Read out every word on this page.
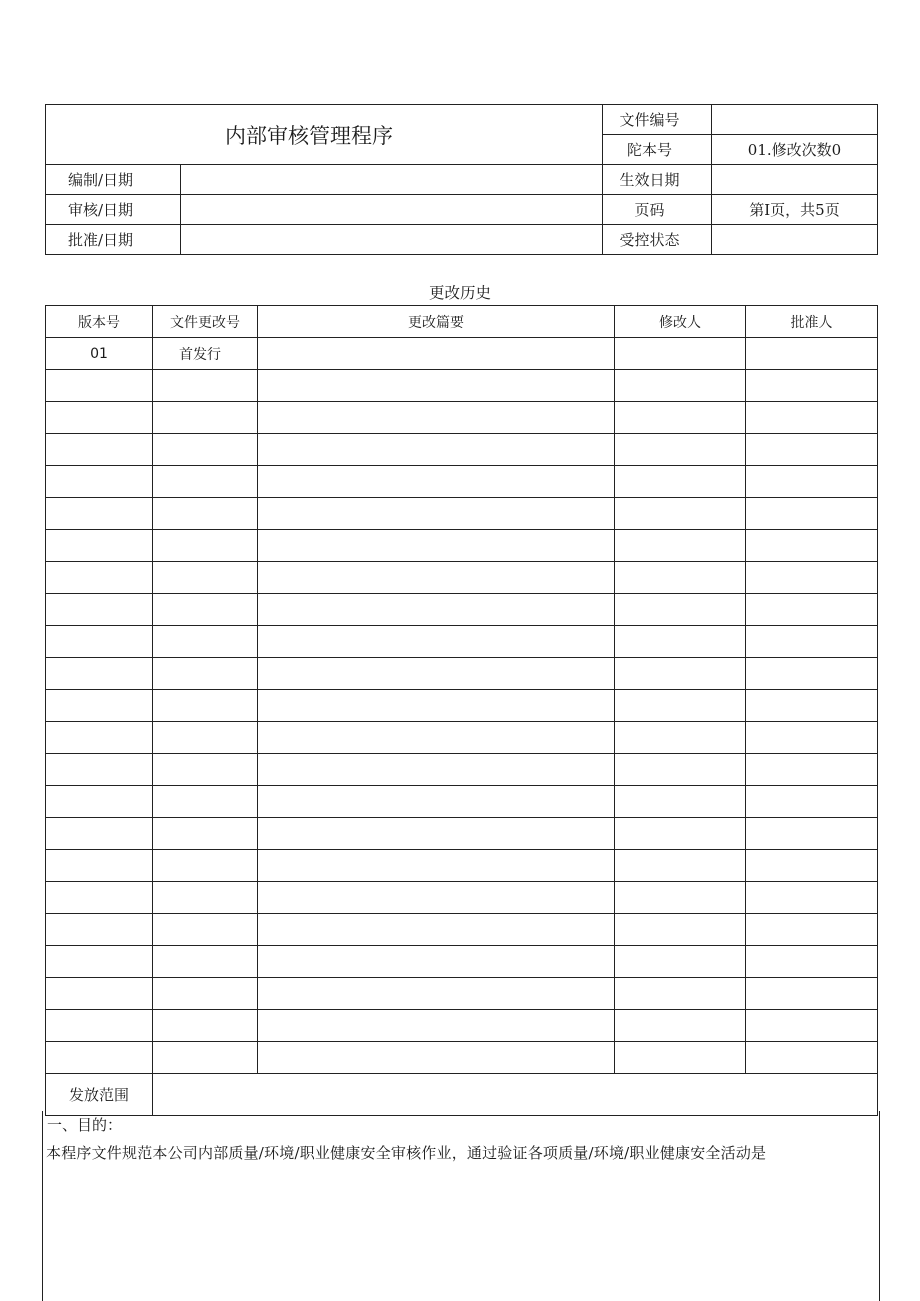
内部审核管理程序		文件编号	
		陀本号	01.修改次数0
编制/日期		生效日期	
审核/日期		页码	第I页，共5页
批准/日期		受控状态	
更改历史
版本号	文件更改号	更改篇要	修改人	批准人
01	首发行			

发放范围				
一、目的：
本程序文件规范本公司内部质量/环境/职业健康安全审核作业，通过验证各项质量/环境/职业健康安全活动是
